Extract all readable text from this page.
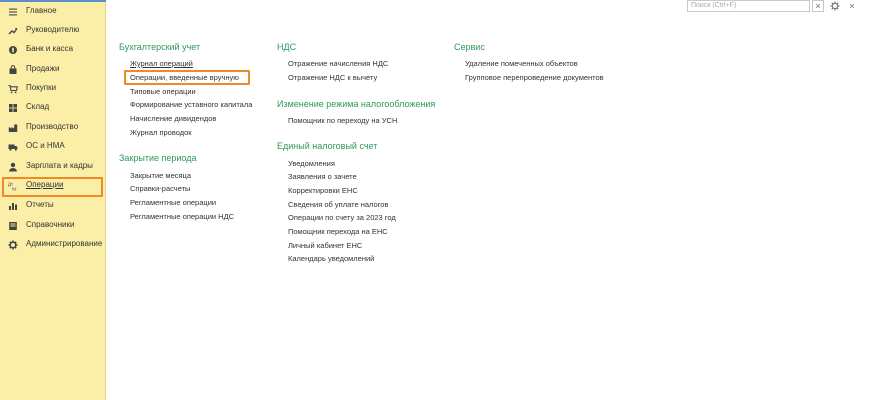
Главное
Руководителю
Банк и касса
Продажи
Покупки
Склад
Производство
ОС и НМА
Зарплата и кадры
Дт
Кт Операции
Отчеты
Справочники
Администрирование
Поиск (Ctrl+F)	×	×
Бухгалтерский учет
Журнал операций
Операции, введенные вручную
Типовые операции
Формирование уставного капитала
Начисление дивидендов
Журнал проводок
Закрытие периода
Закрытие месяца
Справки-расчеты
Регламентные операции
Регламентные операции НДС
НДС
Отражение начисления НДС
Отражение НДС к вычету
Изменение режима налогообложения
Помощник по переходу на УСН
Единый налоговый счет
Уведомления
Заявления о зачете
Корректировки ЕНС
Сведения об уплате налогов
Операции по счету за 2023 год
Помощник перехода на ЕНС
Личный кабинет ЕНС
Календарь уведомлений
Сервис
Удаление помеченных объектов
Групповое перепроведение документов
